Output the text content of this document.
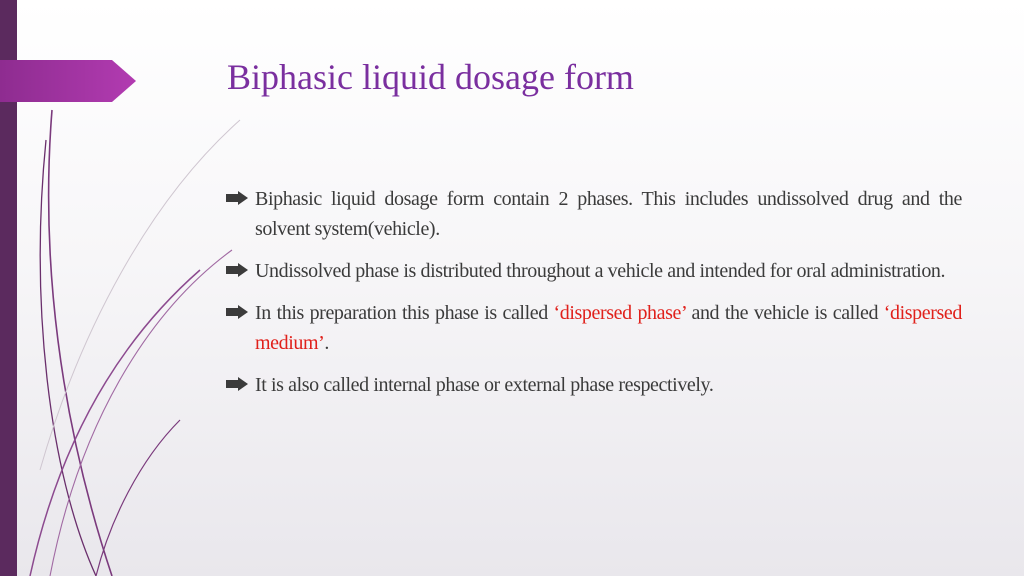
Biphasic liquid dosage form
Biphasic liquid dosage form contain 2 phases. This includes undissolved drug and the solvent system(vehicle).
Undissolved phase is distributed throughout a vehicle and intended for oral administration.
In this preparation this phase is called ‘dispersed phase’ and the vehicle is called ‘dispersed medium’.
It is also called internal phase or external phase respectively.
